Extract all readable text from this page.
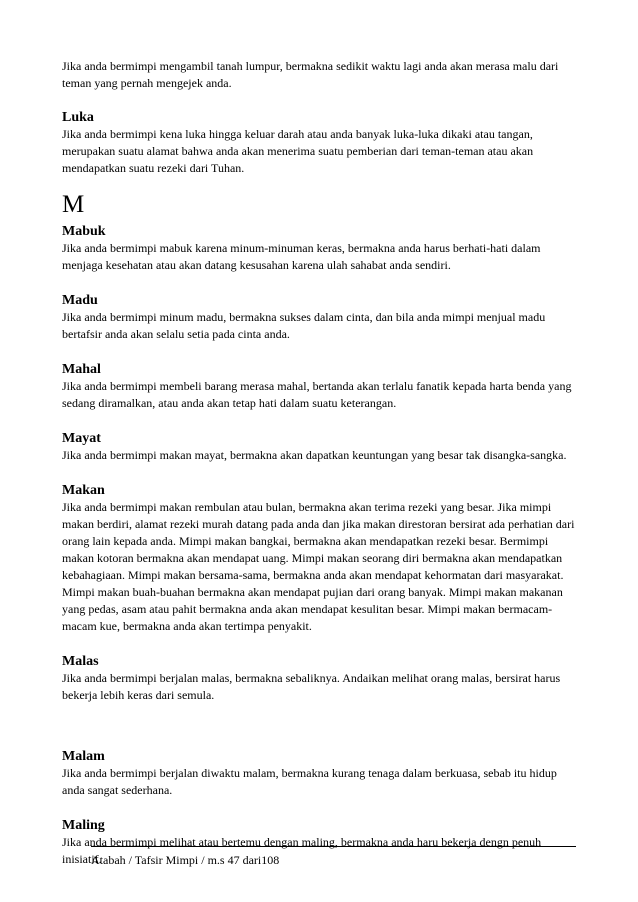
Jika anda bermimpi mengambil tanah lumpur, bermakna sedikit waktu lagi anda akan merasa malu dari teman yang pernah mengejek anda.

Luka

Jika anda bermimpi kena luka hingga keluar darah atau anda banyak luka-luka dikaki atau tangan, merupakan suatu alamat bahwa anda akan menerima suatu pemberian dari teman-teman atau akan mendapatkan suatu rezeki dari Tuhan.

M
Mabuk

Jika anda bermimpi mabuk karena minum-minuman keras, bermakna anda harus berhati-hati dalam menjaga kesehatan atau akan datang kesusahan karena ulah sahabat anda sendiri.

Madu

Jika anda bermimpi minum madu, bermakna sukses dalam cinta, dan bila anda mimpi menjual madu bertafsir anda akan selalu setia pada cinta anda.

Mahal

Jika anda bermimpi membeli barang merasa mahal, bertanda akan terlalu fanatik kepada harta benda yang sedang diramalkan, atau anda akan tetap hati dalam suatu keterangan.

Mayat

Jika anda bermimpi makan mayat, bermakna akan dapatkan keuntungan yang besar tak disangka-sangka.

Makan

Jika anda bermimpi makan rembulan atau bulan, bermakna akan terima rezeki yang besar. Jika mimpi makan berdiri, alamat rezeki murah datang pada anda dan jika makan direstoran bersirat ada perhatian dari orang lain kepada anda. Mimpi makan bangkai, bermakna akan mendapatkan rezeki besar. Bermimpi makan kotoran bermakna akan mendapat uang. Mimpi makan seorang diri bermakna akan mendapatkan kebahagiaan. Mimpi makan bersama-sama, bermakna anda akan mendapat kehormatan dari masyarakat. Mimpi makan buah-buahan bermakna akan mendapat pujian dari orang banyak. Mimpi makan makanan yang pedas, asam atau pahit bermakna anda akan mendapat kesulitan besar. Mimpi makan bermacam-macam kue, bermakna anda akan tertimpa penyakit.

Malas

Jika anda bermimpi berjalan malas, bermakna sebaliknya. Andaikan melihat orang malas, bersirat harus bekerja lebih keras dari semula.

Malam

Jika anda bermimpi berjalan diwaktu malam, bermakna kurang tenaga dalam berkuasa, sebab itu hidup anda sangat sederhana.

Maling

Jika anda bermimpi melihat atau bertemu dengan maling, bermakna anda haru bekerja dengn penuh inisiatif.

Atabah / Tafsir Mimpi / m.s 47 dari108
